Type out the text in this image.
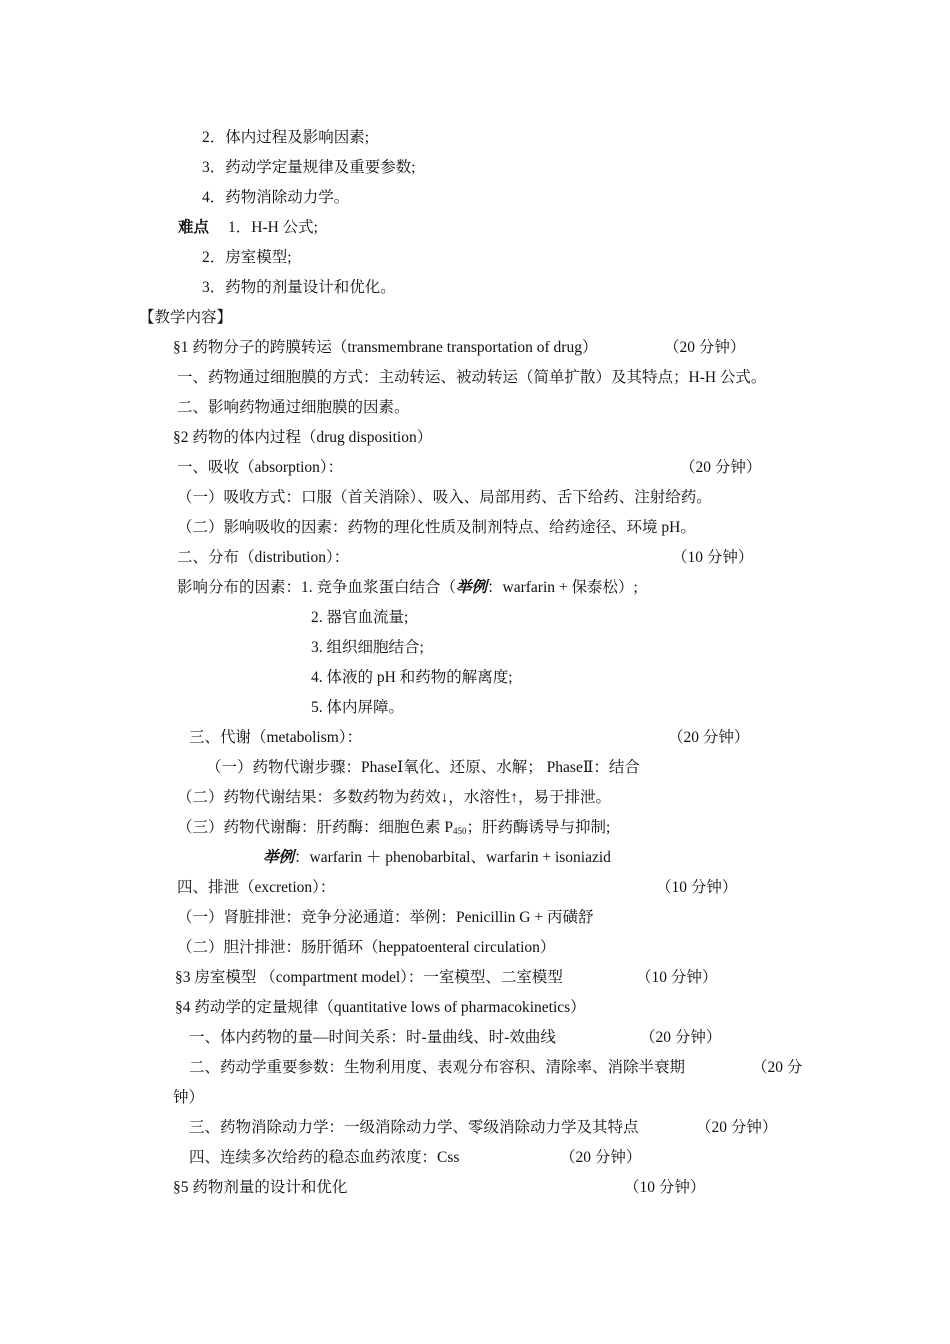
2．体内过程及影响因素;
3．药动学定量规律及重要参数;
4．药物消除动力学。
难点 1．H-H 公式;
2．房室模型;
3．药物的剂量设计和优化。
【教学内容】
§1 药物分子的跨膜转运（transmembrane transportation of drug）	（20 分钟）
一、药物通过细胞膜的方式：主动转运、被动转运（简单扩散）及其特点；H-H 公式。
二、影响药物通过细胞膜的因素。
§2 药物的体内过程（drug disposition）
一、吸收（absorption）：	（20 分钟）
（一）吸收方式：口服（首关消除）、吸入、局部用药、舌下给药、注射给药。
（二）影响吸收的因素：药物的理化性质及制剂特点、给药途径、环境 pH。
二、分布（distribution）：	（10 分钟）
影响分布的因素：1. 竞争血浆蛋白结合（举例：warfarin + 保泰松）;
2. 器官血流量;
3. 组织细胞结合;
4. 体液的 pH 和药物的解离度;
5. 体内屏障。
三、代谢（metabolism）：	（20 分钟）
（一）药物代谢步骤：PhaseⅠ氧化、还原、水解； PhaseⅡ：结合
（二）药物代谢结果：多数药物为药效↓，水溶性↑，易于排泄。
（三）药物代谢酶：肝药酶：细胞色素 $P_{450}$；肝药酶诱导与抑制;
举例：warfarin ＋ phenobarbital、warfarin + isoniazid
四、排泄（excretion）：	（10 分钟）
（一）肾脏排泄：竞争分泌通道：举例：Penicillin G + 丙磺舒
（二）胆汁排泄：肠肝循环（heppatoenteral circulation）
§3 房室模型 （compartment model）：一室模型、二室模型	（10 分钟）
§4 药动学的定量规律（quantitative lows of pharmacokinetics）
一、体内药物的量—时间关系：时-量曲线、时-效曲线	（20 分钟）
二、药动学重要参数：生物利用度、表观分布容积、清除率、消除半衰期	（20 分
钟）
三、药物消除动力学：一级消除动力学、零级消除动力学及其特点	（20 分钟）
四、连续多次给药的稳态血药浓度：Css	（20 分钟）
§5 药物剂量的设计和优化	（10 分钟）
